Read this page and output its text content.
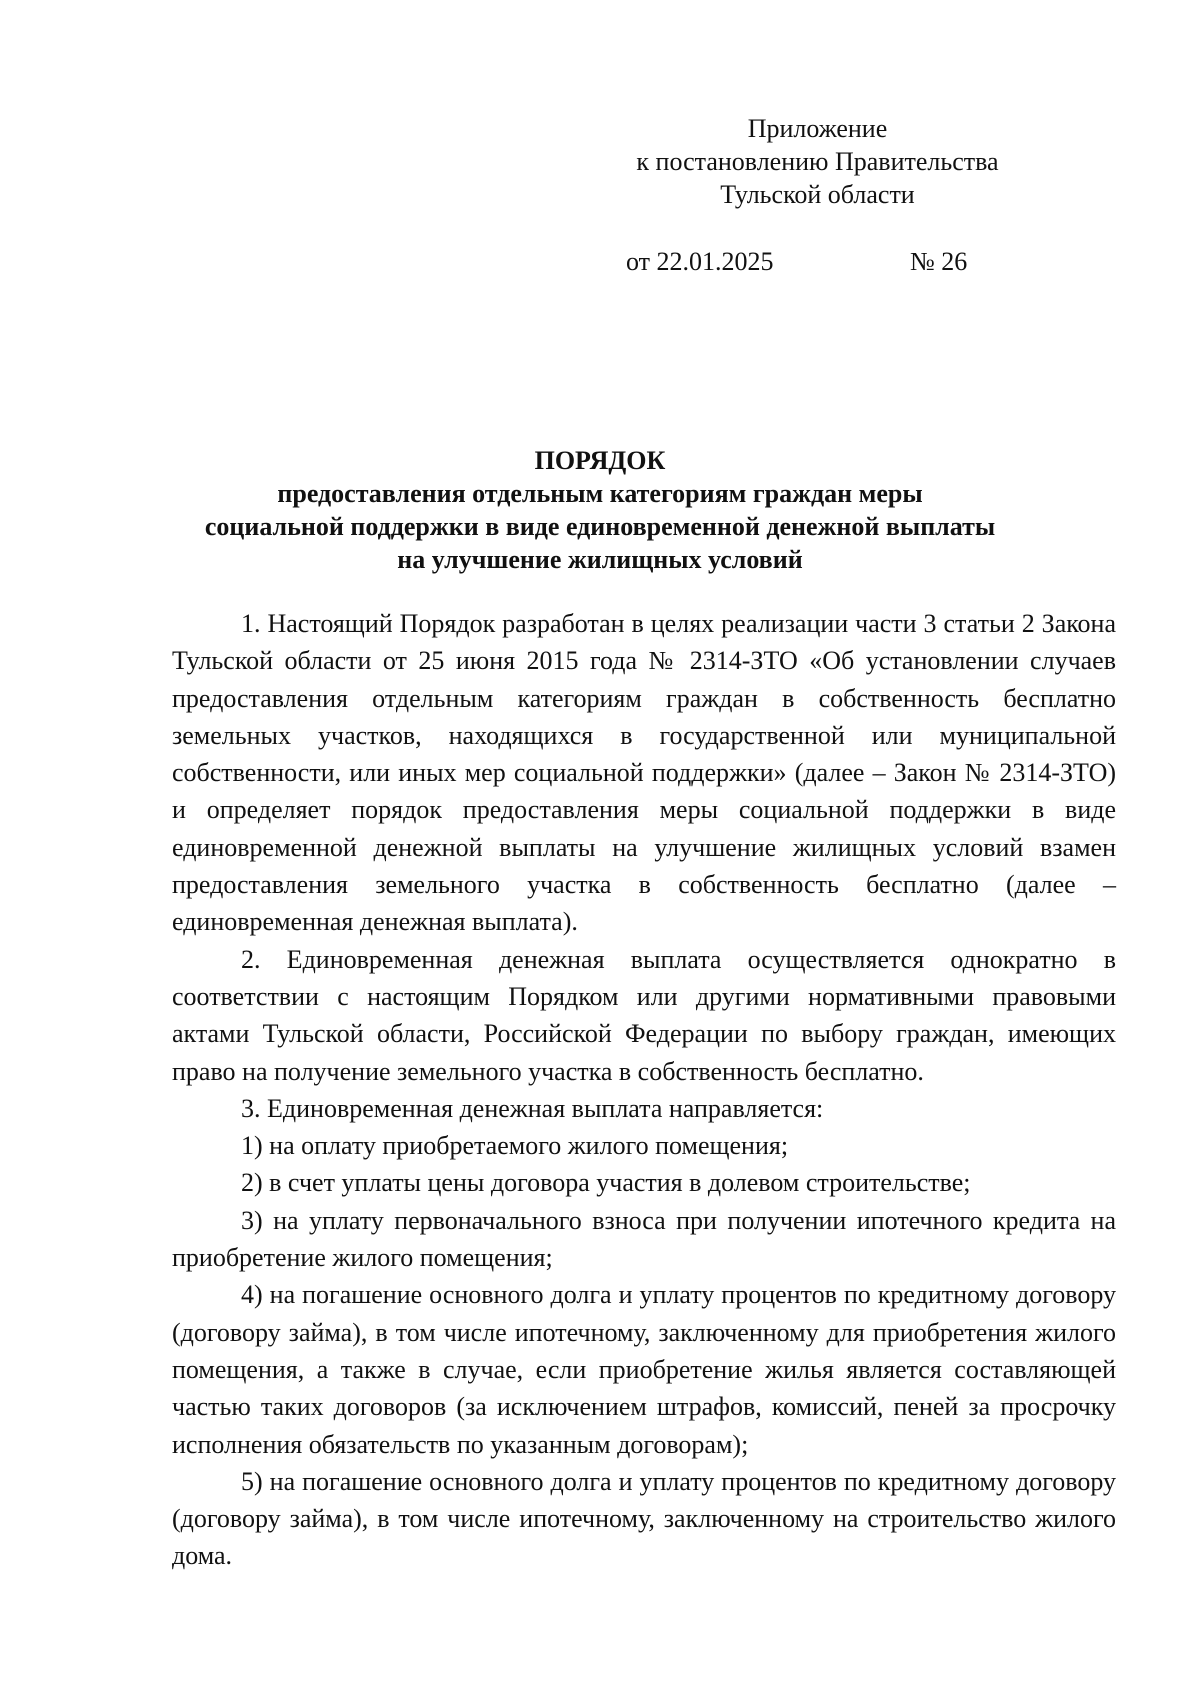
Приложение
к постановлению Правительства
Тульской области
от 22.01.2025	№ 26
ПОРЯДОК
предоставления отдельным категориям граждан меры
социальной поддержки в виде единовременной денежной выплаты
на улучшение жилищных условий

1. Настоящий Порядок разработан в целях реализации части 3 статьи 2 Закона Тульской области от 25 июня 2015 года № 2314-ЗТО «Об установлении случаев предоставления отдельным категориям граждан в собственность бесплатно земельных участков, находящихся в государственной или муниципальной собственности, или иных мер социальной поддержки» (далее – Закон № 2314-ЗТО) и определяет порядок предоставления меры социальной поддержки в виде единовременной денежной выплаты на улучшение жилищных условий взамен предоставления земельного участка в собственность бесплатно (далее – единовременная денежная выплата).

2. Единовременная денежная выплата осуществляется однократно в соответствии с настоящим Порядком или другими нормативными правовыми актами Тульской области, Российской Федерации по выбору граждан, имеющих право на получение земельного участка в собственность бесплатно.

3. Единовременная денежная выплата направляется:

1) на оплату приобретаемого жилого помещения;

2) в счет уплаты цены договора участия в долевом строительстве;

3) на уплату первоначального взноса при получении ипотечного кредита на приобретение жилого помещения;

4) на погашение основного долга и уплату процентов по кредитному договору (договору займа), в том числе ипотечному, заключенному для приобретения жилого помещения, а также в случае, если приобретение жилья является составляющей частью таких договоров (за исключением штрафов, комиссий, пеней за просрочку исполнения обязательств по указанным договорам);

5) на погашение основного долга и уплату процентов по кредитному договору (договору займа), в том числе ипотечному, заключенному на строительство жилого дома.
